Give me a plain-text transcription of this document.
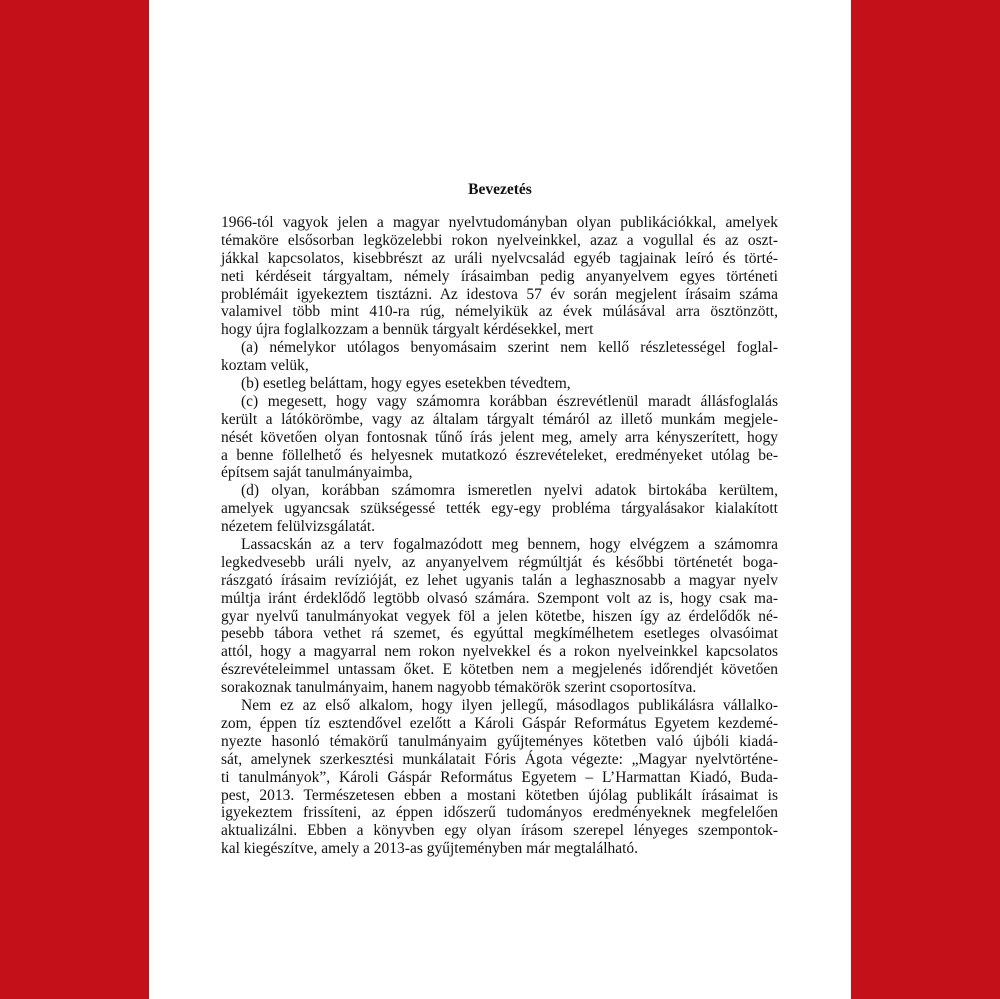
Bevezetés
1966-tól vagyok jelen a magyar nyelvtudományban olyan publikációkkal, amelyek
témaköre elsősorban legközelebbi rokon nyelveinkkel, azaz a vogullal és az oszt-
jákkal kapcsolatos, kisebbrészt az uráli nyelvcsalád egyéb tagjainak leíró és törté-
neti kérdéseit tárgyaltam, némely írásaimban pedig anyanyelvem egyes történeti
problémáit igyekeztem tisztázni. Az idestova 57 év során megjelent írásaim száma
valamivel több mint 410-ra rúg, némelyikük az évek múlásával arra ösztönzött,
hogy újra foglalkozzam a bennük tárgyalt kérdésekkel, mert
(a) némelykor utólagos benyomásaim szerint nem kellő részletességel foglal-
koztam velük,
(b) esetleg beláttam, hogy egyes esetekben tévedtem,
(c) megesett, hogy vagy számomra korábban észrevétlenül maradt állásfoglalás
került a látókörömbe, vagy az általam tárgyalt témáról az illető munkám megjele-
nését követően olyan fontosnak tűnő írás jelent meg, amely arra kényszerített, hogy
a benne föllelhető és helyesnek mutatkozó észrevételeket, eredményeket utólag be-
építsem saját tanulmányaimba,
(d) olyan, korábban számomra ismeretlen nyelvi adatok birtokába kerültem,
amelyek ugyancsak szükségessé tették egy-egy probléma tárgyalásakor kialakított
nézetem felülvizsgálatát.
Lassacskán az a terv fogalmazódott meg bennem, hogy elvégzem a számomra
legkedvesebb uráli nyelv, az anyanyelvem régmúltját és későbbi történetét boga-
rászgató írásaim revízióját, ez lehet ugyanis talán a leghasznosabb a magyar nyelv
múltja iránt érdeklődő legtöbb olvasó számára. Szempont volt az is, hogy csak ma-
gyar nyelvű tanulmányokat vegyek föl a jelen kötetbe, hiszen így az érdelődők né-
pesebb tábora vethet rá szemet, és egyúttal megkímélhetem esetleges olvasóimat
attól, hogy a magyarral nem rokon nyelvekkel és a rokon nyelveinkkel kapcsolatos
észrevételeimmel untassam őket. E kötetben nem a megjelenés időrendjét követően
sorakoznak tanulmányaim, hanem nagyobb témakörök szerint csoportosítva.
Nem ez az első alkalom, hogy ilyen jellegű, másodlagos publikálásra vállalko-
zom, éppen tíz esztendővel ezelőtt a Károli Gáspár Református Egyetem kezdemé-
nyezte hasonló témakörű tanulmányaim gyűjteményes kötetben való újbóli kiadá-
sát, amelynek szerkesztési munkálatait Fóris Ágota végezte: „Magyar nyelvtörténe-
ti tanulmányok”, Károli Gáspár Református Egyetem – L’Harmattan Kiadó, Buda-
pest, 2013. Természetesen ebben a mostani kötetben újólag publikált írásaimat is
igyekeztem frissíteni, az éppen időszerű tudományos eredményeknek megfelelően
aktualizálni. Ebben a könyvben egy olyan írásom szerepel lényeges szempontok-
kal kiegészítve, amely a 2013-as gyűjteményben már megtalálható.
